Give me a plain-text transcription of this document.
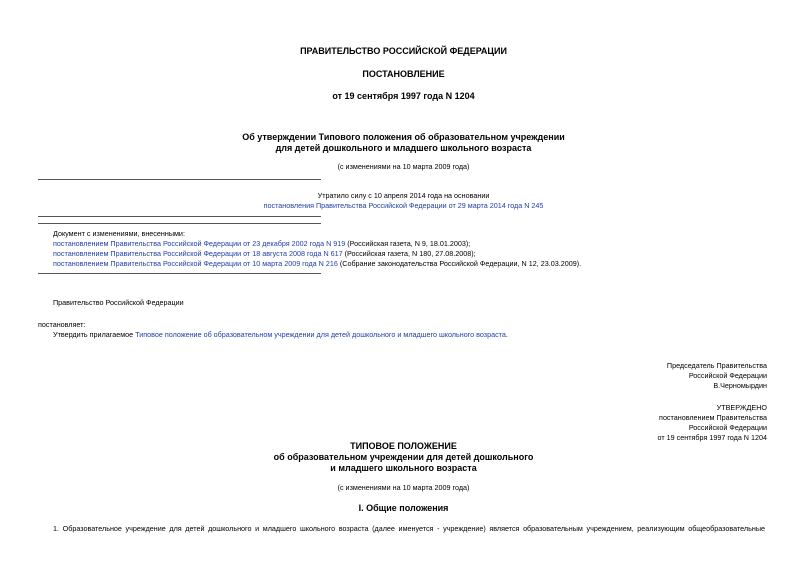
ПРАВИТЕЛЬСТВО РОССИЙСКОЙ ФЕДЕРАЦИИ
ПОСТАНОВЛЕНИЕ
от 19 сентября 1997 года N 1204
Об утверждении Типового положения об образовательном учреждении
для детей дошкольного и младшего школьного возраста
(с изменениями на 10 марта 2009 года)
Утратило силу с 10 апреля 2014 года на основании
постановления Правительства Российской Федерации от 29 марта 2014 года N 245
Документ с изменениями, внесенными:
постановлением Правительства Российской Федерации от 23 декабря 2002 года N 919 (Российская газета, N 9, 18.01.2003);
постановлением Правительства Российской Федерации от 18 августа 2008 года N 617 (Российская газета, N 180, 27.08.2008);
постановлением Правительства Российской Федерации от 10 марта 2009 года N 216 (Собрание законодательства Российской Федерации, N 12, 23.03.2009).
Правительство Российской Федерации
постановляет:
Утвердить прилагаемое Типовое положение об образовательном учреждении для детей дошкольного и младшего школьного возраста.
Председатель Правительства
Российской Федерации
В.Черномырдин
УТВЕРЖДЕНО
постановлением Правительства
Российской Федерации
от 19 сентября 1997 года N 1204
ТИПОВОЕ ПОЛОЖЕНИЕ
об образовательном учреждении для детей дошкольного
и младшего школьного возраста
(с изменениями на 10 марта 2009 года)
I. Общие положения
1. Образовательное учреждение для детей дошкольного и младшего школьного возраста (далее именуется - учреждение) является образовательным учреждением, реализующим общеобразовательные
